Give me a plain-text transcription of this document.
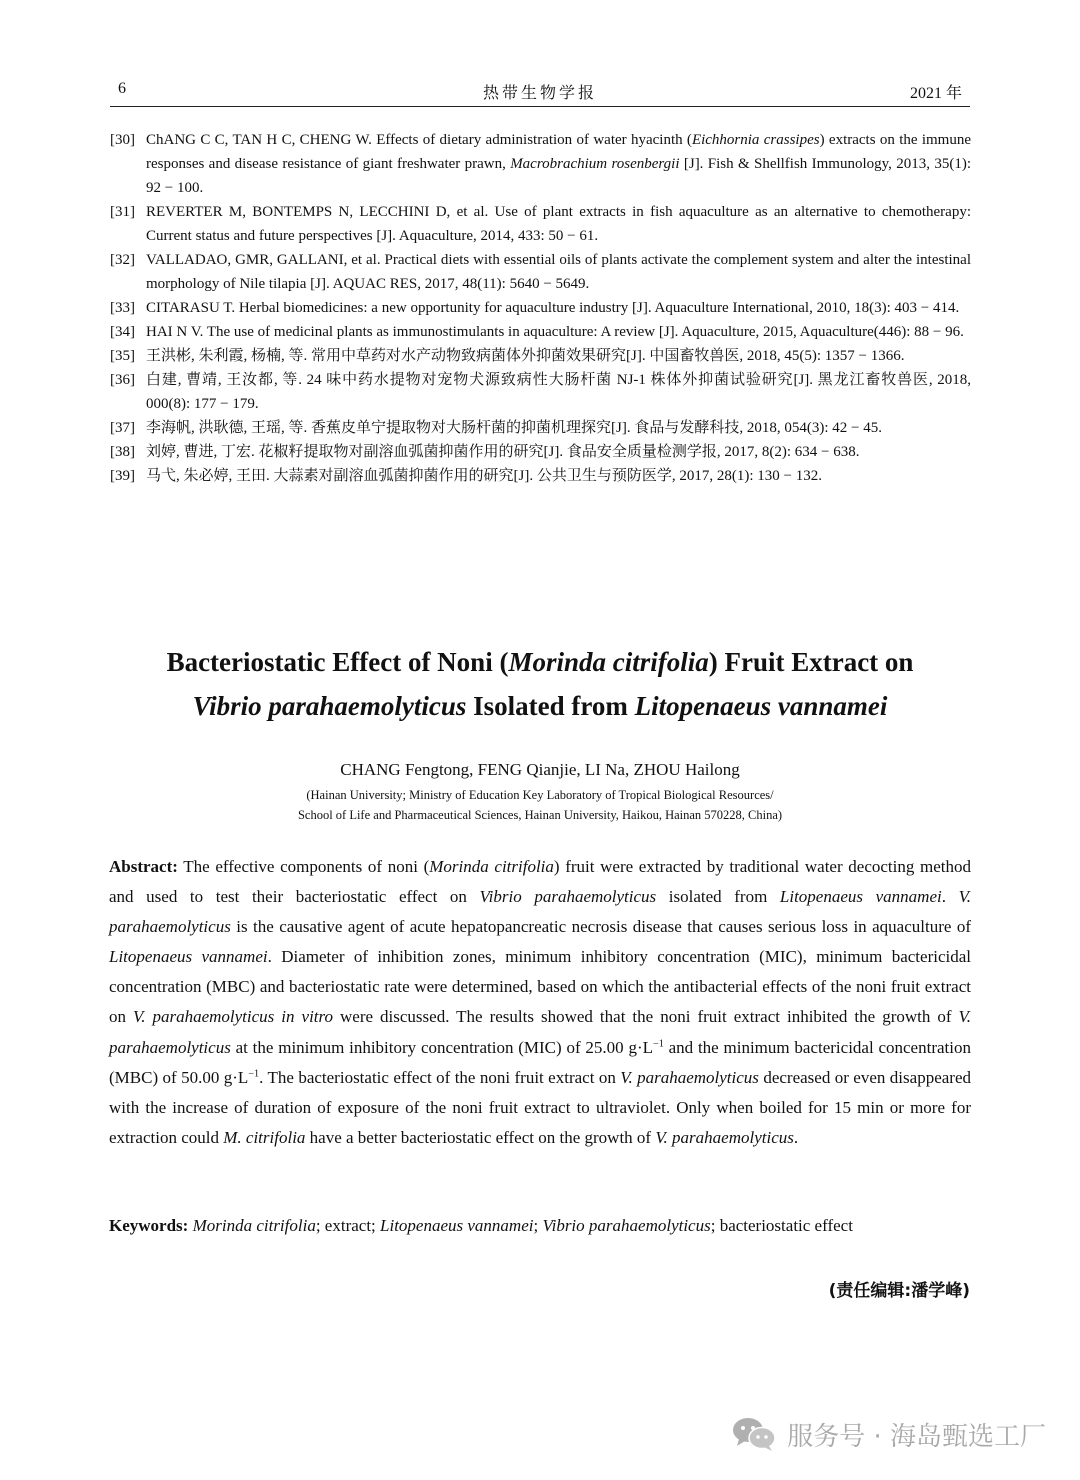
6	热带生物学报	2021 年
[30] ChANG C C, TAN H C, CHENG W. Effects of dietary administration of water hyacinth (Eichhornia crassipes) extracts on the immune responses and disease resistance of giant freshwater prawn, Macrobrachium rosenbergii [J]. Fish & Shellfish Immunology, 2013, 35(1): 92 − 100.
[31] REVERTER M, BONTEMPS N, LECCHINI D, et al. Use of plant extracts in fish aquaculture as an alternative to chemotherapy: Current status and future perspectives [J]. Aquaculture, 2014, 433: 50 − 61.
[32] VALLADAO, GMR, GALLANI, et al. Practical diets with essential oils of plants activate the complement system and alter the intestinal morphology of Nile tilapia [J]. AQUAC RES, 2017, 48(11): 5640 − 5649.
[33] CITARASU T. Herbal biomedicines: a new opportunity for aquaculture industry [J]. Aquaculture International, 2010, 18(3): 403 − 414.
[34] HAI N V. The use of medicinal plants as immunostimulants in aquaculture: A review [J]. Aquaculture, 2015, Aquaculture(446): 88 − 96.
[35] 王洪彬, 朱利霞, 杨楠, 等. 常用中草药对水产动物致病菌体外抑菌效果研究[J]. 中国畜牧兽医, 2018, 45(5): 1357 − 1366.
[36] 白建, 曹靖, 王汝都, 等. 24 味中药水提物对宠物犬源致病性大肠杆菌 NJ-1 株体外抑菌试验研究[J]. 黑龙江畜牧兽医, 2018, 000(8): 177 − 179.
[37] 李海帆, 洪耿德, 王瑶, 等. 香蕉皮单宁提取物对大肠杆菌的抑菌机理探究[J]. 食品与发酵科技, 2018, 054(3): 42 − 45.
[38] 刘婷, 曹进, 丁宏. 花椒籽提取物对副溶血弧菌抑菌作用的研究[J]. 食品安全质量检测学报, 2017, 8(2): 634 − 638.
[39] 马弋, 朱必婷, 王田. 大蒜素对副溶血弧菌抑菌作用的研究[J]. 公共卫生与预防医学, 2017, 28(1): 130 − 132.
Bacteriostatic Effect of Noni (Morinda citrifolia) Fruit Extract on
Vibrio parahaemolyticus Isolated from Litopenaeus vannamei
CHANG Fengtong, FENG Qianjie, LI Na, ZHOU Hailong
(Hainan University; Ministry of Education Key Laboratory of Tropical Biological Resources/
School of Life and Pharmaceutical Sciences, Hainan University, Haikou, Hainan 570228, China)
Abstract: The effective components of noni (Morinda citrifolia) fruit were extracted by traditional water decocting method and used to test their bacteriostatic effect on Vibrio parahaemolyticus isolated from Litopenaeus vannamei. V. parahaemolyticus is the causative agent of acute hepatopancreatic necrosis disease that causes serious loss in aquaculture of Litopenaeus vannamei. Diameter of inhibition zones, minimum inhibitory concentration (MIC), minimum bactericidal concentration (MBC) and bacteriostatic rate were determined, based on which the antibacterial effects of the noni fruit extract on V. parahaemolyticus in vitro were discussed. The results showed that the noni fruit extract inhibited the growth of V. parahaemolyticus at the minimum inhibitory concentration (MIC) of 25.00 $g\cdot L^{-1}$ and the minimum bactericidal concentration (MBC) of 50.00 $g\cdot L^{-1}$. The bacteriostatic effect of the noni fruit extract on V. parahaemolyticus decreased or even disappeared with the increase of duration of exposure of the noni fruit extract to ultraviolet. Only when boiled for 15 min or more for extraction could M. citrifolia have a better bacteriostatic effect on the growth of V. parahaemolyticus.
Keywords: Morinda citrifolia; extract; Litopenaeus vannamei; Vibrio parahaemolyticus; bacteriostatic effect
(责任编辑:潘学峰)
服务号 · 海岛甄选工厂
